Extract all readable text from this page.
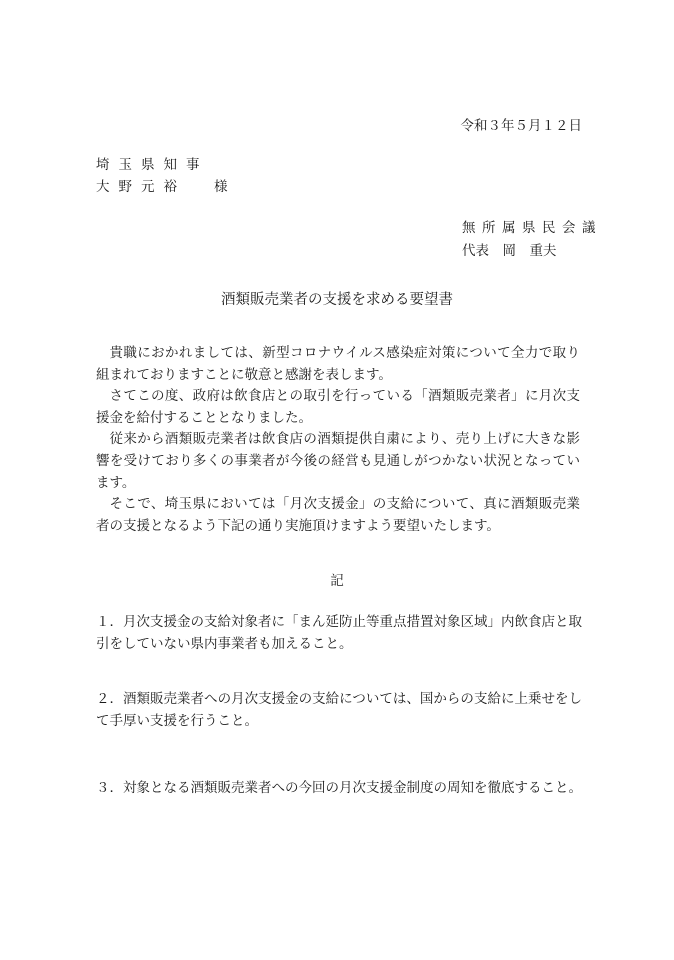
令和３年５月１２日
埼玉県知事
大野元裕 様
無所属県民会議
代表　岡　重夫
酒類販売業者の支援を求める要望書

貴職におかれましては、新型コロナウイルス感染症対策について全力で取り組まれておりますことに敬意と感謝を表します。

さてこの度、政府は飲食店との取引を行っている「酒類販売業者」に月次支援金を給付することとなりました。

従来から酒類販売業者は飲食店の酒類提供自粛により、売り上げに大きな影響を受けており多くの事業者が今後の経営も見通しがつかない状況となっています。

そこで、埼玉県においては「月次支援金」の支給について、真に酒類販売業者の支援となるよう下記の通り実施頂けますよう要望いたします。

記
１．月次支援金の支給対象者に「まん延防止等重点措置対象区域」内飲食店と取引をしていない県内事業者も加えること。
２．酒類販売業者への月次支援金の支給については、国からの支給に上乗せをして手厚い支援を行うこと。
３．対象となる酒類販売業者への今回の月次支援金制度の周知を徹底すること。
